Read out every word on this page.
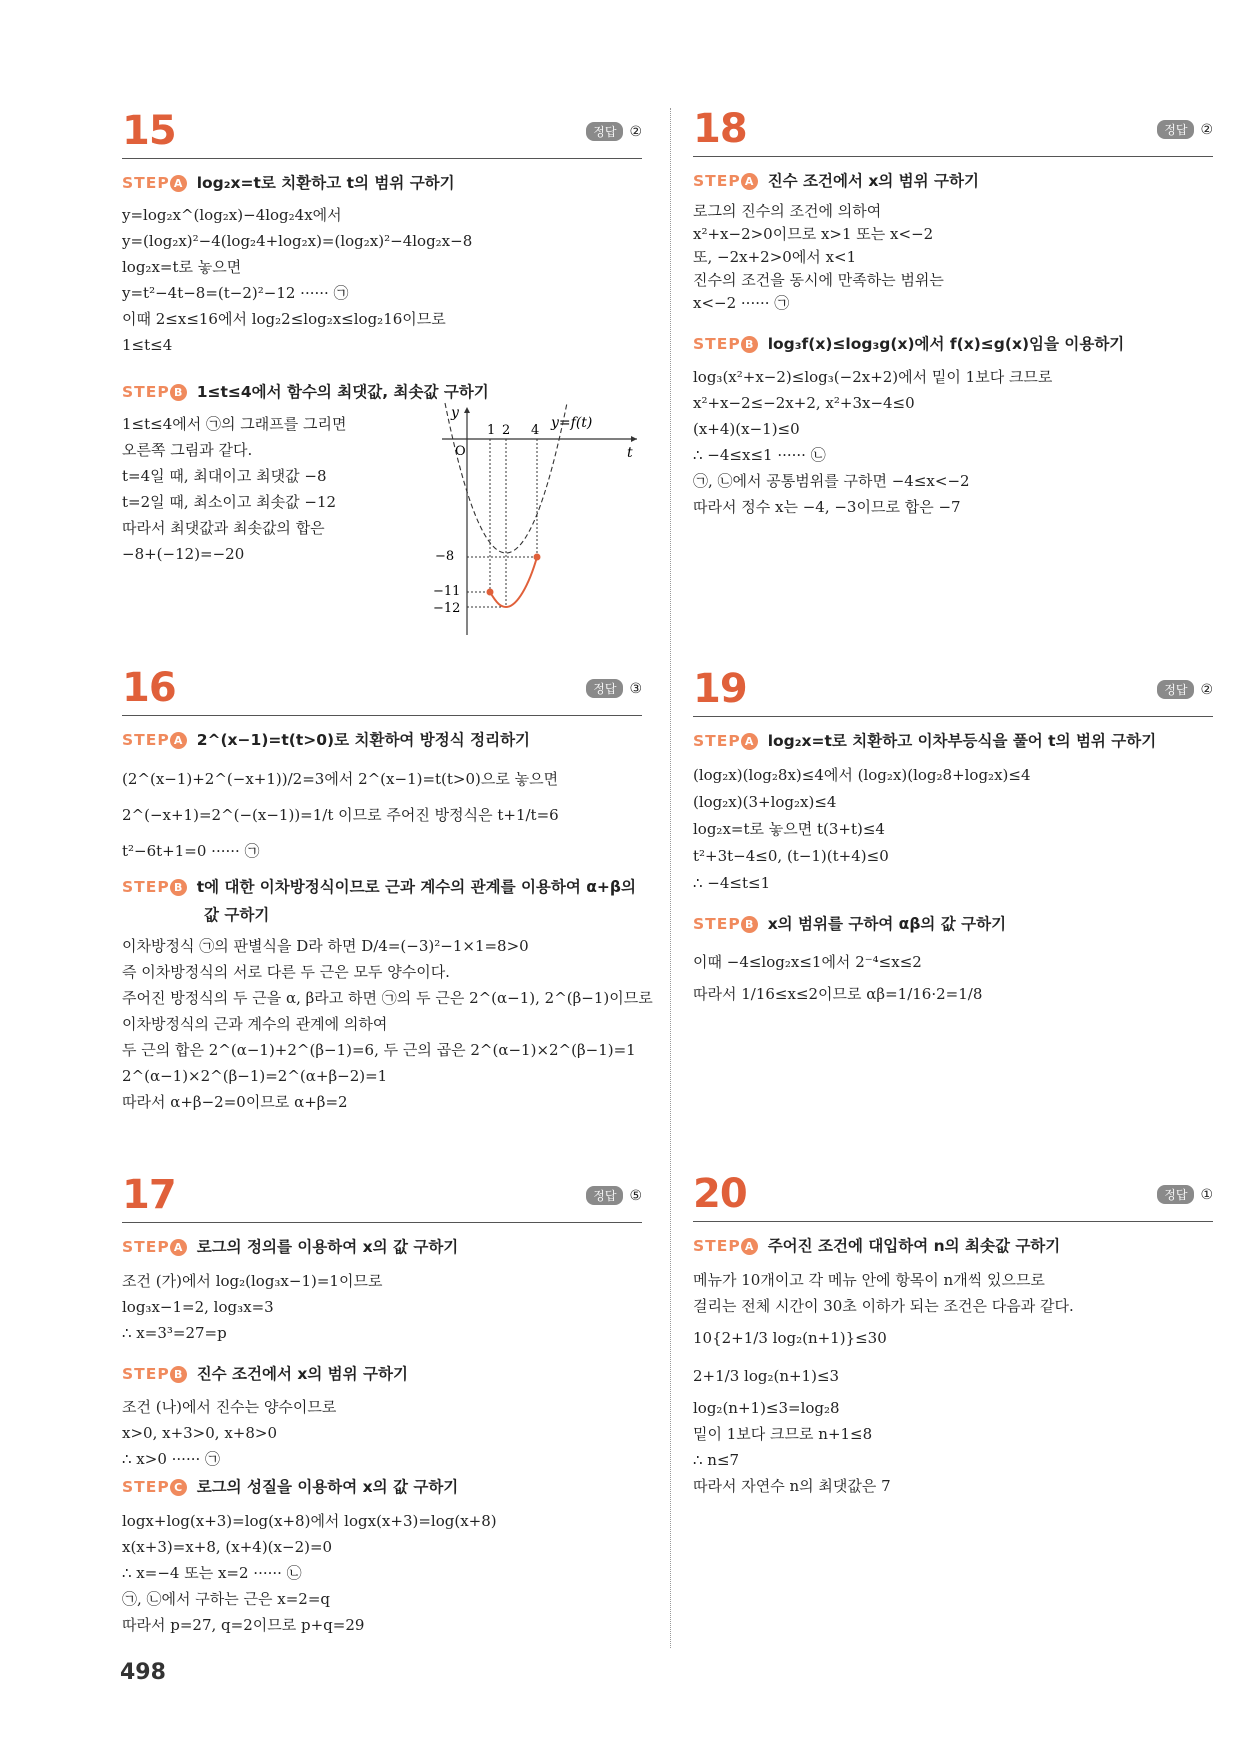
15	정답 ②
STEP A log₂x=t로 치환하고 t의 범위 구하기
y=log₂x^(log₂x)−4log₂4x에서
y=(log₂x)²−4(log₂4+log₂x)=(log₂x)²−4log₂x−8
log₂x=t로 놓으면
y=t²−4t−8=(t−2)²−12 ······ ㉠
이때 2≤x≤16에서 log₂2≤log₂x≤log₂16이므로
1≤t≤4
STEP B 1≤t≤4에서 함수의 최댓값, 최솟값 구하기
1≤t≤4에서 ㉠의 그래프를 그리면
오른쪽 그림과 같다.
t=4일 때, 최대이고 최댓값 −8
t=2일 때, 최소이고 최솟값 −12
따라서 최댓값과 최솟값의 합은
−8+(−12)=−20
y
t
O
1 2 4 y=f(t)
−8
−11
−12
16	정답 ③
STEP A 2^(x−1)=t(t>0)로 치환하여 방정식 정리하기
(2^(x−1)+2^(−x+1))/2=3에서 2^(x−1)=t(t>0)으로 놓으면
2^(−x+1)=2^(−(x−1))=1/t 이므로 주어진 방정식은 t+1/t=6
t²−6t+1=0 ······ ㉠
STEP B t에 대한 이차방정식이므로 근과 계수의 관계를 이용하여 α+β의
값 구하기
이차방정식 ㉠의 판별식을 D라 하면 D/4=(−3)²−1×1=8>0
즉 이차방정식의 서로 다른 두 근은 모두 양수이다.
주어진 방정식의 두 근을 α, β라고 하면 ㉠의 두 근은 2^(α−1), 2^(β−1)이므로
이차방정식의 근과 계수의 관계에 의하여
두 근의 합은 2^(α−1)+2^(β−1)=6, 두 근의 곱은 2^(α−1)×2^(β−1)=1
2^(α−1)×2^(β−1)=2^(α+β−2)=1
따라서 α+β−2=0이므로 α+β=2
17	정답 ⑤
STEP A 로그의 정의를 이용하여 x의 값 구하기
조건 (가)에서 log₂(log₃x−1)=1이므로
log₃x−1=2, log₃x=3
∴ x=3³=27=p
STEP B 진수 조건에서 x의 범위 구하기
조건 (나)에서 진수는 양수이므로
x>0, x+3>0, x+8>0
∴ x>0 ······ ㉠
STEP C 로그의 성질을 이용하여 x의 값 구하기
logx+log(x+3)=log(x+8)에서 logx(x+3)=log(x+8)
x(x+3)=x+8, (x+4)(x−2)=0
∴ x=−4 또는 x=2 ······ ㉡
㉠, ㉡에서 구하는 근은 x=2=q
따라서 p=27, q=2이므로 p+q=29
18	정답 ②
STEP A 진수 조건에서 x의 범위 구하기
로그의 진수의 조건에 의하여
x²+x−2>0이므로 x>1 또는 x<−2
또, −2x+2>0에서 x<1
진수의 조건을 동시에 만족하는 범위는
x<−2 ······ ㉠
STEP B log₃f(x)≤log₃g(x)에서 f(x)≤g(x)임을 이용하기
log₃(x²+x−2)≤log₃(−2x+2)에서 밑이 1보다 크므로
x²+x−2≤−2x+2, x²+3x−4≤0
(x+4)(x−1)≤0
∴ −4≤x≤1 ······ ㉡
㉠, ㉡에서 공통범위를 구하면 −4≤x<−2
따라서 정수 x는 −4, −3이므로 합은 −7
19	정답 ②
STEP A log₂x=t로 치환하고 이차부등식을 풀어 t의 범위 구하기
(log₂x)(log₂8x)≤4에서 (log₂x)(log₂8+log₂x)≤4
(log₂x)(3+log₂x)≤4
log₂x=t로 놓으면 t(3+t)≤4
t²+3t−4≤0, (t−1)(t+4)≤0
∴ −4≤t≤1
STEP B x의 범위를 구하여 αβ의 값 구하기
이때 −4≤log₂x≤1에서 2⁻⁴≤x≤2
따라서 1/16≤x≤2이므로 αβ=1/16·2=1/8
20	정답 ①
STEP A 주어진 조건에 대입하여 n의 최솟값 구하기
메뉴가 10개이고 각 메뉴 안에 항목이 n개씩 있으므로
걸리는 전체 시간이 30초 이하가 되는 조건은 다음과 같다.
10{2+1/3 log₂(n+1)}≤30
2+1/3 log₂(n+1)≤3
log₂(n+1)≤3=log₂8
밑이 1보다 크므로 n+1≤8
∴ n≤7
따라서 자연수 n의 최댓값은 7
498
